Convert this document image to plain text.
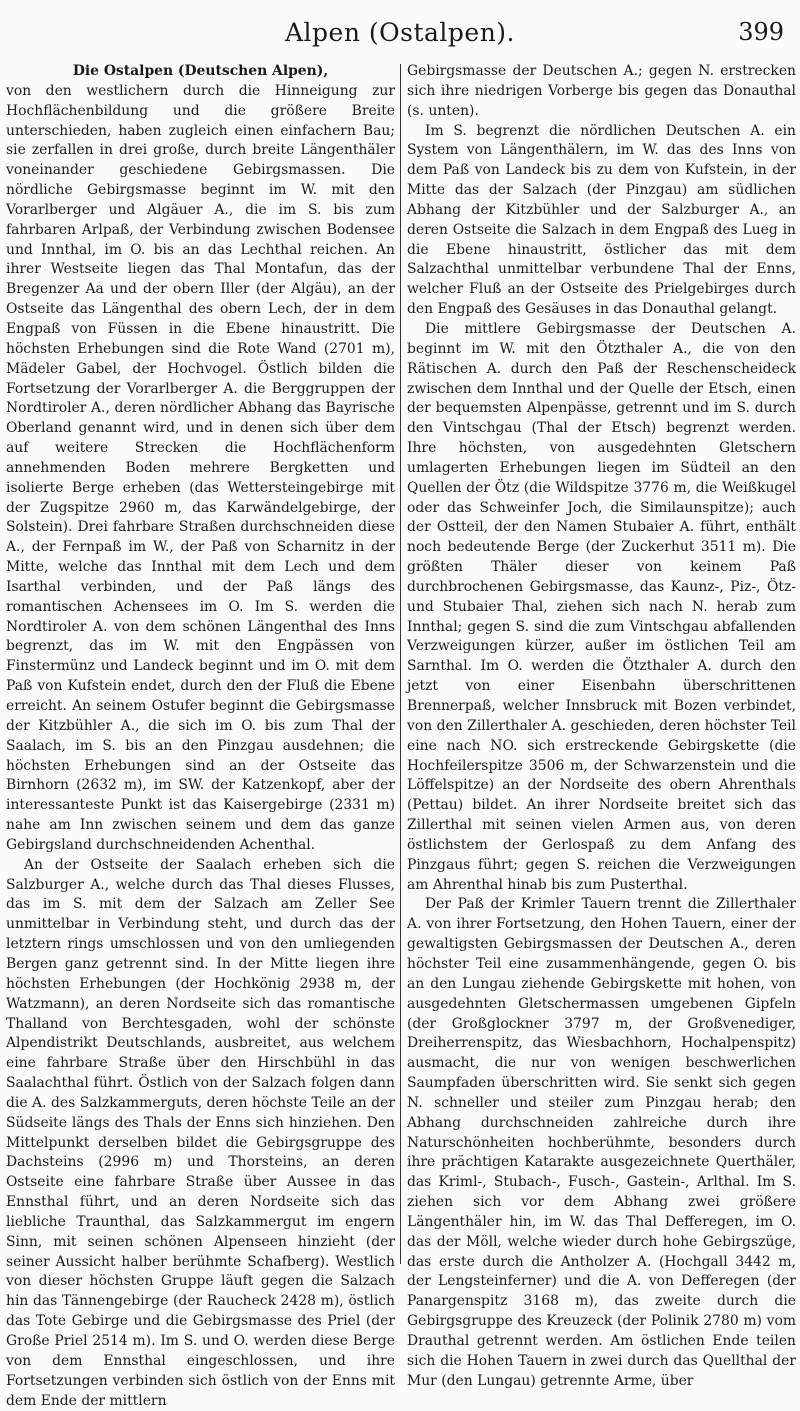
Alpen (Ostalpen).	399
Die Ostalpen (Deutschen Alpen),

von den westlichern durch die Hinneigung zur Hochflächenbildung und die größere Breite unterschieden, haben zugleich einen einfachern Bau; sie zerfallen in drei große, durch breite Längenthäler voneinander geschiedene Gebirgsmassen. Die nördliche Gebirgsmasse beginnt im W. mit den Vorarlberger und Algäuer A., die im S. bis zum fahrbaren Arlpaß, der Verbindung zwischen Bodensee und Innthal, im O. bis an das Lechthal reichen. An ihrer Westseite liegen das Thal Montafun, das der Bregenzer Aa und der obern Iller (der Algäu), an der Ostseite das Längenthal des obern Lech, der in dem Engpaß von Füssen in die Ebene hinaustritt. Die höchsten Erhebungen sind die Rote Wand (2701 m), Mädeler Gabel, der Hochvogel. Östlich bilden die Fortsetzung der Vorarlberger A. die Berggruppen der Nordtiroler A., deren nördlicher Abhang das Bayrische Oberland genannt wird, und in denen sich über dem auf weitere Strecken die Hochflächenform annehmenden Boden mehrere Bergketten und isolierte Berge erheben (das Wettersteingebirge mit der Zugspitze 2960 m, das Karwändelgebirge, der Solstein). Drei fahrbare Straßen durchschneiden diese A., der Fernpaß im W., der Paß von Scharnitz in der Mitte, welche das Innthal mit dem Lech und dem Isarthal verbinden, und der Paß längs des romantischen Achensees im O. Im S. werden die Nordtiroler A. von dem schönen Längenthal des Inns begrenzt, das im W. mit den Engpässen von Finstermünz und Landeck beginnt und im O. mit dem Paß von Kufstein endet, durch den der Fluß die Ebene erreicht. An seinem Ostufer beginnt die Gebirgsmasse der Kitzbühler A., die sich im O. bis zum Thal der Saalach, im S. bis an den Pinzgau ausdehnen; die höchsten Erhebungen sind an der Ostseite das Birnhorn (2632 m), im SW. der Katzenkopf, aber der interessanteste Punkt ist das Kaisergebirge (2331 m) nahe am Inn zwischen seinem und dem das ganze Gebirgsland durchschneidenden Achenthal.

An der Ostseite der Saalach erheben sich die Salzburger A., welche durch das Thal dieses Flusses, das im S. mit dem der Salzach am Zeller See unmittelbar in Verbindung steht, und durch das der letztern rings umschlossen und von den umliegenden Bergen ganz getrennt sind. In der Mitte liegen ihre höchsten Erhebungen (der Hochkönig 2938 m, der Watzmann), an deren Nordseite sich das romantische Thalland von Berchtesgaden, wohl der schönste Alpendistrikt Deutschlands, ausbreitet, aus welchem eine fahrbare Straße über den Hirschbühl in das Saalachthal führt. Östlich von der Salzach folgen dann die A. des Salzkammerguts, deren höchste Teile an der Südseite längs des Thals der Enns sich hinziehen. Den Mittelpunkt derselben bildet die Gebirgsgruppe des Dachsteins (2996 m) und Thorsteins, an deren Ostseite eine fahrbare Straße über Aussee in das Ennsthal führt, und an deren Nordseite sich das liebliche Traunthal, das Salzkammergut im engern Sinn, mit seinen schönen Alpenseen hinzieht (der seiner Aussicht halber berühmte Schafberg). Westlich von dieser höchsten Gruppe läuft gegen die Salzach hin das Tännengebirge (der Raucheck 2428 m), östlich das Tote Gebirge und die Gebirgsmasse des Priel (der Große Priel 2514 m). Im S. und O. werden diese Berge von dem Ennsthal eingeschlossen, und ihre Fortsetzungen verbinden sich östlich von der Enns mit dem Ende der mittlern

Gebirgsmasse der Deutschen A.; gegen N. erstrecken sich ihre niedrigen Vorberge bis gegen das Donauthal (s. unten).

Im S. begrenzt die nördlichen Deutschen A. ein System von Längenthälern, im W. das des Inns von dem Paß von Landeck bis zu dem von Kufstein, in der Mitte das der Salzach (der Pinzgau) am südlichen Abhang der Kitzbühler und der Salzburger A., an deren Ostseite die Salzach in dem Engpaß des Lueg in die Ebene hinaustritt, östlicher das mit dem Salzachthal unmittelbar verbundene Thal der Enns, welcher Fluß an der Ostseite des Prielgebirges durch den Engpaß des Gesäuses in das Donauthal gelangt.

Die mittlere Gebirgsmasse der Deutschen A. beginnt im W. mit den Ötzthaler A., die von den Rätischen A. durch den Paß der Reschenscheideck zwischen dem Innthal und der Quelle der Etsch, einen der bequemsten Alpenpässe, getrennt und im S. durch den Vintschgau (Thal der Etsch) begrenzt werden. Ihre höchsten, von ausgedehnten Gletschern umlagerten Erhebungen liegen im Südteil an den Quellen der Ötz (die Wildspitze 3776 m, die Weißkugel oder das Schweinfer Joch, die Similaunspitze); auch der Ostteil, der den Namen Stubaier A. führt, enthält noch bedeutende Berge (der Zuckerhut 3511 m). Die größten Thäler dieser von keinem Paß durchbrochenen Gebirgsmasse, das Kaunz-, Piz-, Ötz- und Stubaier Thal, ziehen sich nach N. herab zum Innthal; gegen S. sind die zum Vintschgau abfallenden Verzweigungen kürzer, außer im östlichen Teil am Sarnthal. Im O. werden die Ötzthaler A. durch den jetzt von einer Eisenbahn überschrittenen Brennerpaß, welcher Innsbruck mit Bozen verbindet, von den Zillerthaler A. geschieden, deren höchster Teil eine nach NO. sich erstreckende Gebirgskette (die Hochfeilerspitze 3506 m, der Schwarzenstein und die Löffelspitze) an der Nordseite des obern Ahrenthals (Pettau) bildet. An ihrer Nordseite breitet sich das Zillerthal mit seinen vielen Armen aus, von deren östlichstem der Gerlospaß zu dem Anfang des Pinzgaus führt; gegen S. reichen die Verzweigungen am Ahrenthal hinab bis zum Pusterthal.

Der Paß der Krimler Tauern trennt die Zillerthaler A. von ihrer Fortsetzung, den Hohen Tauern, einer der gewaltigsten Gebirgsmassen der Deutschen A., deren höchster Teil eine zusammenhängende, gegen O. bis an den Lungau ziehende Gebirgskette mit hohen, von ausgedehnten Gletschermassen umgebenen Gipfeln (der Großglockner 3797 m, der Großvenediger, Dreiherrenspitz, das Wiesbachhorn, Hochalpenspitz) ausmacht, die nur von wenigen beschwerlichen Saumpfaden überschritten wird. Sie senkt sich gegen N. schneller und steiler zum Pinzgau herab; den Abhang durchschneiden zahlreiche durch ihre Naturschönheiten hochberühmte, besonders durch ihre prächtigen Katarakte ausgezeichnete Querthäler, das Kriml-, Stubach-, Fusch-, Gastein-, Arlthal. Im S. ziehen sich vor dem Abhang zwei größere Längenthäler hin, im W. das Thal Defferegen, im O. das der Möll, welche wieder durch hohe Gebirgszüge, das erste durch die Antholzer A. (Hochgall 3442 m, der Lengsteinferner) und die A. von Defferegen (der Panargenspitz 3168 m), das zweite durch die Gebirgsgruppe des Kreuzeck (der Polinik 2780 m) vom Drauthal getrennt werden. Am östlichen Ende teilen sich die Hohen Tauern in zwei durch das Quellthal der Mur (den Lungau) getrennte Arme, über
